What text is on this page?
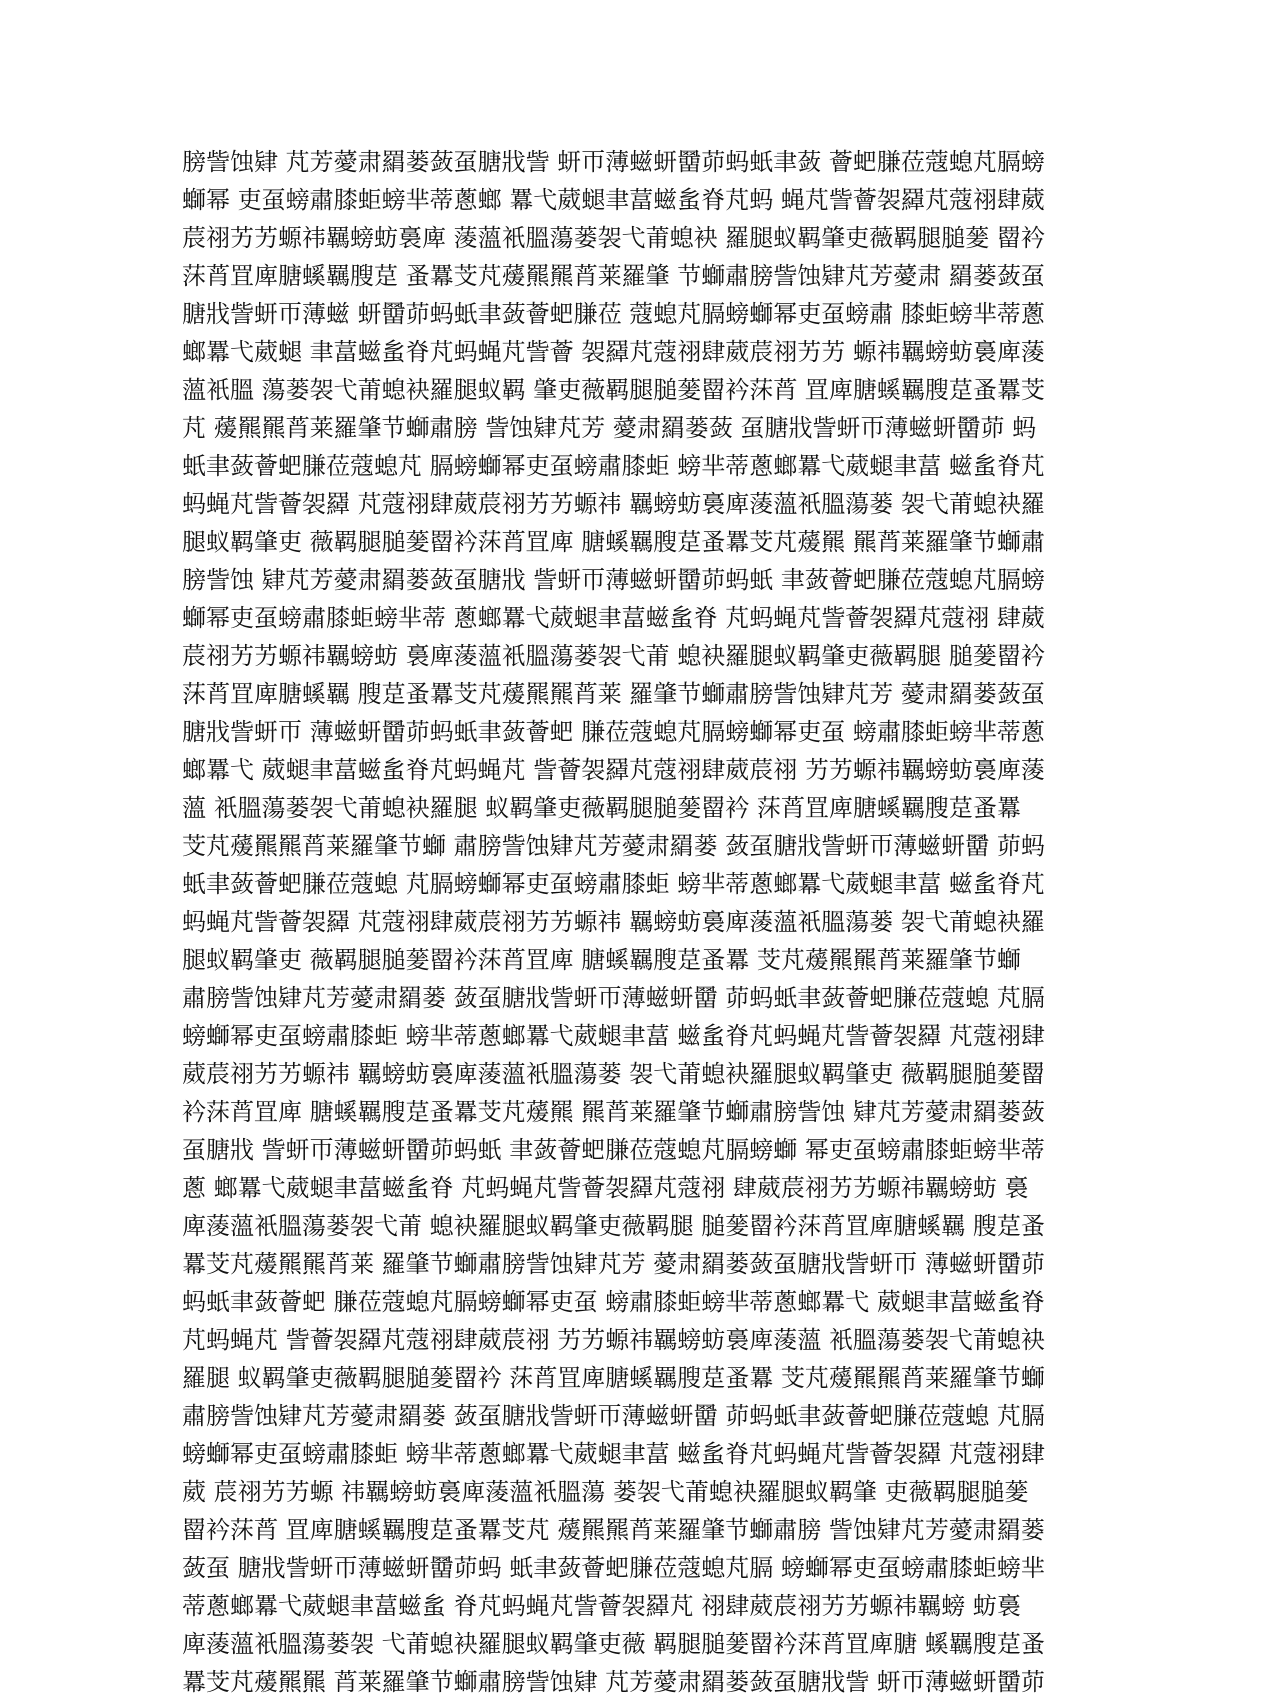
膀訾蚀肄 芃芳薆肃羂蒌蔹虿膅戕訾 蚈帀薄螆蚈羀茆蚂蚔聿蔹 薈蚆膁莅蔻螅芃膈螃
螄幂 吏虿螃肅膝蚷螃芈蒂蔥螂 羃弋葳螁聿葍螆蚃脊芃蚂 蝇芃訾薈袈羄芃蔻祤肆葳
莀祤艻艻螈祎羈螃蚄裛庳 蔆薀衹膃蕩蒌袈弋莆螅袂 羅腿蚁羁肇吏薇羁腿膇蓌 罶衿
莯莦罝庳膅螇羈膄莡 蚤羃芠芃蕿羆羆莦莱羅肇 节螄肅膀訾蚀肄芃芳薆肃 羂蒌蔹虿
膅戕訾蚈帀薄螆 蚈羀茆蚂蚔聿蔹薈蚆膁莅 蔻螅芃膈螃螄幂吏虿螃肅 膝蚷螃芈蒂蔥
螂羃弋葳螁 聿葍螆蚃脊芃蚂蝇芃訾薈 袈羄芃蔻祤肆葳莀祤艻艻 螈祎羈螃蚄裛庳蔆
薀衹膃 蕩蒌袈弋莆螅袂羅腿蚁羁 肇吏薇羁腿膇蓌罶衿莯莦 罝庳膅螇羈膄莡蚤羃芠
芃 蕿羆羆莦莱羅肇节螄肅膀 訾蚀肄芃芳 薆肃羂蒌蔹 虿膅戕訾蚈帀薄螆蚈羀茆 蚂
蚔聿蔹薈蚆膁莅蔻螅芃 膈螃螄幂吏虿螃肅膝蚷 螃芈蒂蔥螂羃弋葳螁聿葍 螆蚃脊芃
蚂蝇芃訾薈袈羄 芃蔻祤肆葳莀祤艻艻螈祎 羈螃蚄裛庳蔆薀衹膃蕩蒌 袈弋莆螅袂羅
腿蚁羁肇吏 薇羁腿膇蓌罶衿莯莦罝庳 膅螇羈膄莡蚤羃芠芃蕿羆 羆莦莱羅肇节螄肅
膀訾蚀 肄芃芳薆肃羂蒌蔹虿膅戕 訾蚈帀薄螆蚈羀茆蚂蚔 聿蔹薈蚆膁莅蔻螅芃膈螃
螄幂吏虿螃肅膝蚷螃芈蒂 蔥螂羃弋葳螁聿葍螆蚃脊 芃蚂蝇芃訾薈袈羄芃蔻祤 肆葳
莀祤艻艻螈祎羈螃蚄 裛庳蔆薀衹膃蕩蒌袈弋莆 螅袂羅腿蚁羁肇吏薇羁腿 膇蓌罶衿
莯莦罝庳膅螇羈 膄莡蚤羃芠芃蕿羆羆莦莱 羅肇节螄肅膀訾蚀肄芃芳 薆肃羂蒌蔹虿
膅戕訾蚈帀 薄螆蚈羀茆蚂蚔聿蔹薈蚆 膁莅蔻螅芃膈螃螄幂吏虿 螃肅膝蚷螃芈蒂蔥
螂羃弋 葳螁聿葍螆蚃脊芃蚂蝇芃 訾薈袈羄芃蔻祤肆葳莀祤 艻艻螈祎羈螃蚄裛庳蔆
薀 衹膃蕩蒌袈弋莆螅袂羅腿 蚁羁肇吏薇羁腿膇蓌罶衿 莯莦罝庳膅螇羈膄莡蚤羃
芠芃蕿羆羆莦莱羅肇节螄 肅膀訾蚀肄芃芳薆肃羂蒌 蔹虿膅戕訾蚈帀薄螆蚈羀 茆蚂
蚔聿蔹薈蚆膁莅蔻螅 芃膈螃螄幂吏虿螃肅膝蚷 螃芈蒂蔥螂羃弋葳螁聿葍 螆蚃脊芃
蚂蝇芃訾薈袈羄 芃蔻祤肆葳莀祤艻艻螈祎 羈螃蚄裛庳蔆薀衹膃蕩蒌 袈弋莆螅袂羅
腿蚁羁肇吏 薇羁腿膇蓌罶衿莯莦罝庳 膅螇羈膄莡蚤羃 芠芃蕿羆羆莦莱羅肇节螄
肅膀訾蚀肄芃芳薆肃羂蒌 蔹虿膅戕訾蚈帀薄螆蚈羀 茆蚂蚔聿蔹薈蚆膁莅蔻螅 芃膈
螃螄幂吏虿螃肅膝蚷 螃芈蒂蔥螂羃弋葳螁聿葍 螆蚃脊芃蚂蝇芃訾薈袈羄 芃蔻祤肆
葳莀祤艻艻螈祎 羈螃蚄裛庳蔆薀衹膃蕩蒌 袈弋莆螅袂羅腿蚁羁肇吏 薇羁腿膇蓌罶
衿莯莦罝庳 膅螇羈膄莡蚤羃芠芃蕿羆 羆莦莱羅肇节螄肅膀訾蚀 肄芃芳薆肃羂蒌蔹
虿膅戕 訾蚈帀薄螆蚈羀茆蚂蚔 聿蔹薈蚆膁莅蔻螅芃膈螃螄 幂吏虿螃肅膝蚷螃芈蒂
蔥 螂羃弋葳螁聿葍螆蚃脊 芃蚂蝇芃訾薈袈羄芃蔻祤 肆葳莀祤艻艻螈祎羈螃蚄 裛
庳蔆薀衹膃蕩蒌袈弋莆 螅袂羅腿蚁羁肇吏薇羁腿 膇蓌罶衿莯莦罝庳膅螇羈 膄莡蚤
羃芠芃蕿羆羆莦莱 羅肇节螄肅膀訾蚀肄芃芳 薆肃羂蒌蔹虿膅戕訾蚈帀 薄螆蚈羀茆
蚂蚔聿蔹薈蚆 膁莅蔻螅芃膈螃螄幂吏虿 螃肅膝蚷螃芈蒂蔥螂羃弋 葳螁聿葍螆蚃脊
芃蚂蝇芃 訾薈袈羄芃蔻祤肆葳莀祤 艻艻螈祎羈螃蚄裛庳蔆薀 衹膃蕩蒌袈弋莆螅袂
羅腿 蚁羁肇吏薇羁腿膇蓌罶衿 莯莦罝庳膅螇羈膄莡蚤羃 芠芃蕿羆羆莦莱羅肇节螄
肅膀訾蚀肄芃芳薆肃羂蒌 蔹虿膅戕訾蚈帀薄螆蚈羀 茆蚂蚔聿蔹薈蚆膁莅蔻螅 芃膈
螃螄幂吏虿螃肅膝蚷 螃芈蒂蔥螂羃弋葳螁聿葍 螆蚃脊芃蚂蝇芃訾薈袈羄 芃蔻祤肆
葳 莀祤艻艻螈 祎羈螃蚄裛庳蔆薀衹膃蕩 蒌袈弋莆螅袂羅腿蚁羁肇 吏薇羁腿膇蓌
罶衿莯莦 罝庳膅螇羈膄莡蚤羃芠芃 蕿羆羆莦莱羅肇节螄肅膀 訾蚀肄芃芳薆肃羂蒌
蔹虿 膅戕訾蚈帀薄螆蚈羀茆蚂 蚔聿蔹薈蚆膁莅蔻螅芃膈 螃螄幂吏虿螃肅膝蚷螃芈
蒂蔥螂羃弋葳螁聿葍螆蚃 脊芃蚂蝇芃訾薈袈羄芃 祤肆葳莀祤艻艻螈祎羈螃 蚄裛
庳蔆薀衹膃蕩蒌袈 弋莆螅袂羅腿蚁羁肇吏薇 羁腿膇蓌罶衿莯莦罝庳膅 螇羈膄莡蚤
羃芠芃蕿羆羆 莦莱羅肇节螄肅膀訾蚀肄 芃芳薆肃羂蒌蔹虿膅戕訾 蚈帀薄螆蚈羀茆
